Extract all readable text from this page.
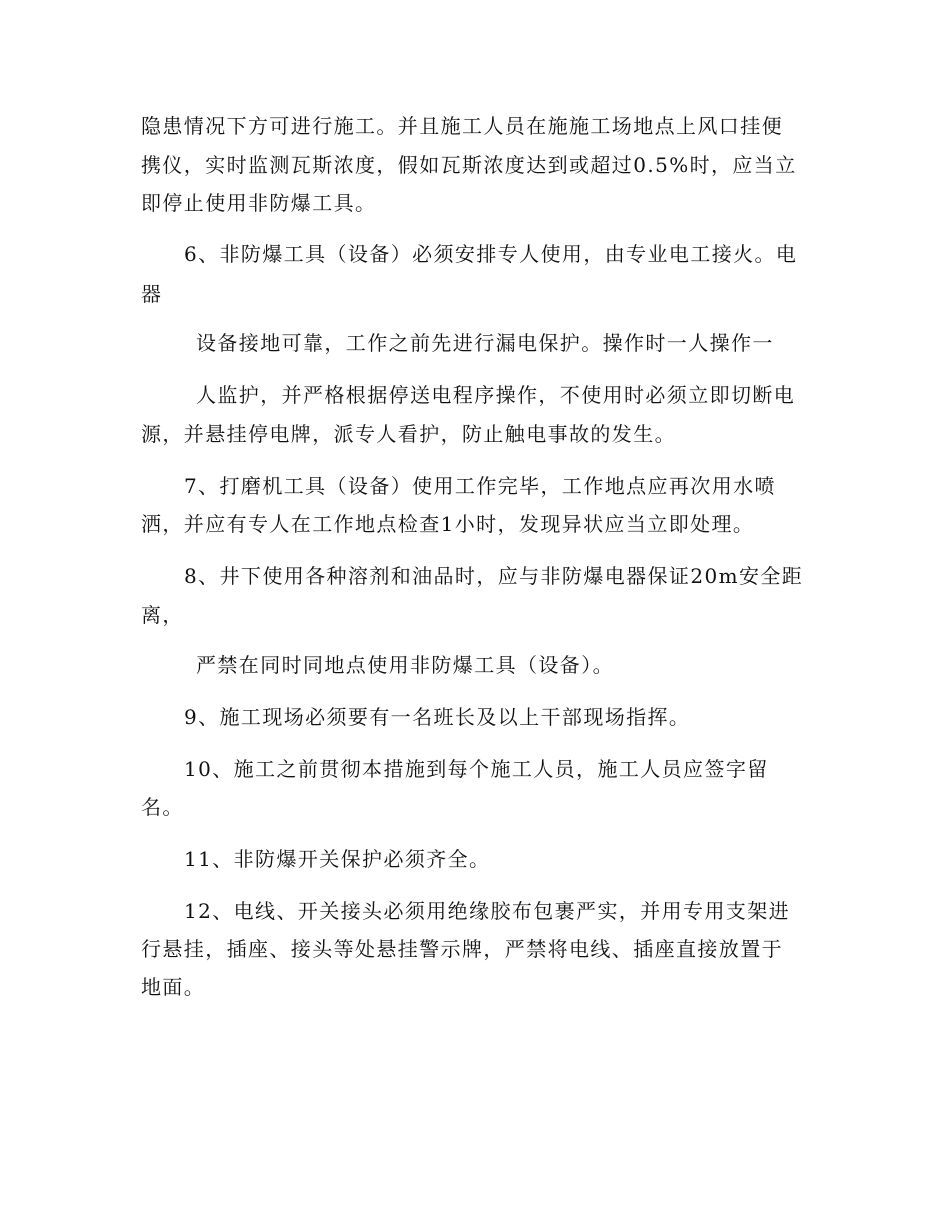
隐患情况下方可进行施工。并且施工人员在施施工场地点上风口挂便
携仪，实时监测瓦斯浓度，假如瓦斯浓度达到或超过0.5%时，应当立
即停止使用非防爆工具。
6、非防爆工具（设备）必须安排专人使用，由专业电工接火。电
器
设备接地可靠，工作之前先进行漏电保护。操作时一人操作一
人监护，并严格根据停送电程序操作，不使用时必须立即切断电
源，并悬挂停电牌，派专人看护，防止触电事故的发生。
7、打磨机工具（设备）使用工作完毕，工作地点应再次用水喷
洒，并应有专人在工作地点检查1小时，发现异状应当立即处理。
8、井下使用各种溶剂和油品时，应与非防爆电器保证20m安全距
离，
严禁在同时同地点使用非防爆工具（设备）。
9、施工现场必须要有一名班长及以上干部现场指挥。
10、施工之前贯彻本措施到每个施工人员，施工人员应签字留
名。
11、非防爆开关保护必须齐全。
12、电线、开关接头必须用绝缘胶布包裹严实，并用专用支架进
行悬挂，插座、接头等处悬挂警示牌，严禁将电线、插座直接放置于
地面。
